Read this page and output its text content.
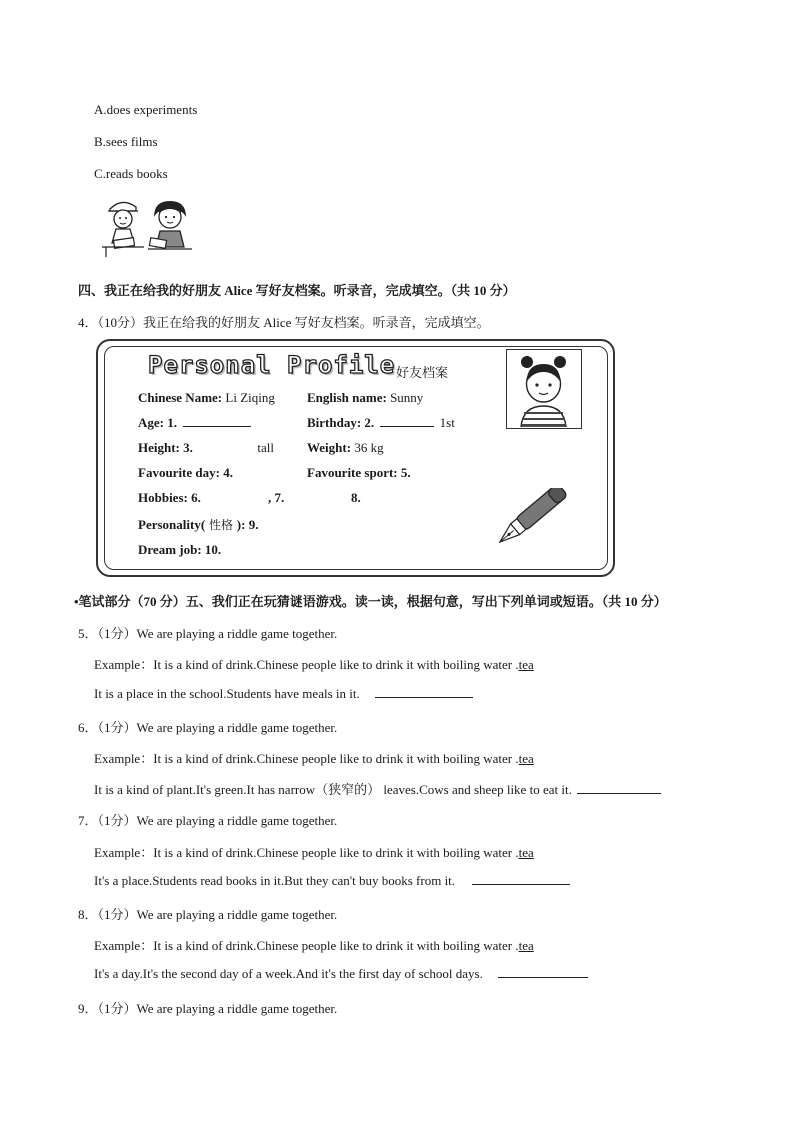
A.does experiments
B.sees films
C.reads books
四、我正在给我的好朋友 Alice 写好友档案。听录音，完成填空。（共 10 分）
4．（10分）我正在给我的好朋友 Alice 写好友档案。听录音，完成填空。
Personal Profile 好友档案
Chinese Name: Li Ziqing English name: Sunny
Age: 1.	Birthday: 2.	1st
Height: 3.	tall	Weight: 36 kg
Favourite day: 4.	Favourite sport: 5.
Hobbies: 6.	, 7.	8.
Personality( 性格 ): 9.
Dream job: 10.
•笔试部分（70 分）五、我们正在玩猜谜语游戏。读一读，根据句意，写出下列单词或短语。（共 10 分）
5．（1分）We are playing a riddle game together.
Example：It is a kind of drink.Chinese people like to drink it with boiling water .tea
It is a place in the school.Students have meals in it.
6．（1分）We are playing a riddle game together.
Example：It is a kind of drink.Chinese people like to drink it with boiling water .tea
It is a kind of plant.It's green.It has narrow（狭窄的） leaves.Cows and sheep like to eat it.
7．（1分）We are playing a riddle game together.
Example：It is a kind of drink.Chinese people like to drink it with boiling water .tea
It's a place.Students read books in it.But they can't buy books from it.
8．（1分）We are playing a riddle game together.
Example：It is a kind of drink.Chinese people like to drink it with boiling water .tea
It's a day.It's the second day of a week.And it's the first day of school days.
9．（1分）We are playing a riddle game together.
